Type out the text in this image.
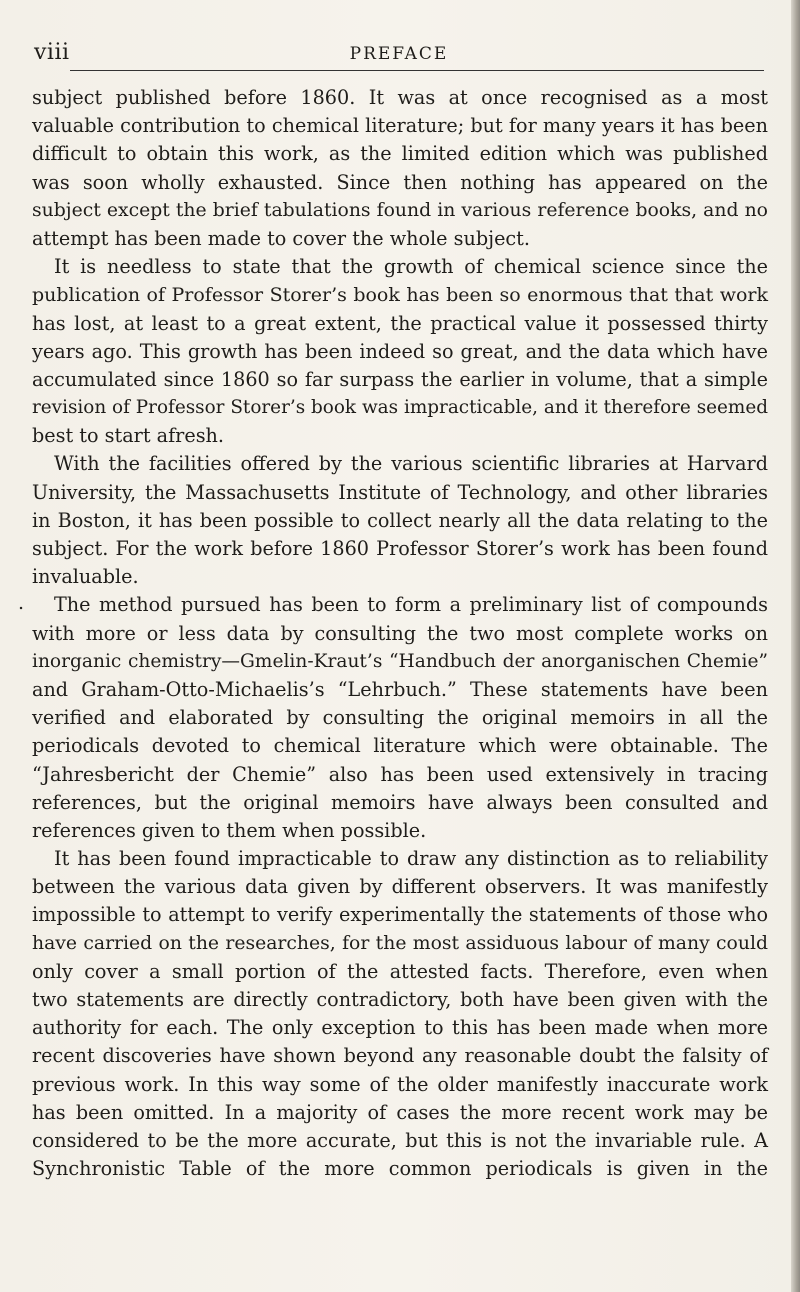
viii	PREFACE
.
subject published before 1860. It was at once recognised as a most
valuable contribution to chemical literature; but for many years it has been
difficult to obtain this work, as the limited edition which was published
was soon wholly exhausted. Since then nothing has appeared on the
subject except the brief tabulations found in various reference books, and no
attempt has been made to cover the whole subject.
It is needless to state that the growth of chemical science since the
publication of Professor Storer’s book has been so enormous that that work
has lost, at least to a great extent, the practical value it possessed thirty
years ago. This growth has been indeed so great, and the data which have
accumulated since 1860 so far surpass the earlier in volume, that a simple
revision of Professor Storer’s book was impracticable, and it therefore seemed
best to start afresh.
With the facilities offered by the various scientific libraries at Harvard
University, the Massachusetts Institute of Technology, and other libraries
in Boston, it has been possible to collect nearly all the data relating to the
subject. For the work before 1860 Professor Storer’s work has been found
invaluable.
The method pursued has been to form a preliminary list of compounds
with more or less data by consulting the two most complete works on
inorganic chemistry—Gmelin-Kraut’s “Handbuch der anorganischen Chemie”
and Graham-Otto-Michaelis’s “Lehrbuch.” These statements have been
verified and elaborated by consulting the original memoirs in all the
periodicals devoted to chemical literature which were obtainable. The
“Jahresbericht der Chemie” also has been used extensively in tracing
references, but the original memoirs have always been consulted and
references given to them when possible.
It has been found impracticable to draw any distinction as to reliability
between the various data given by different observers. It was manifestly
impossible to attempt to verify experimentally the statements of those who
have carried on the researches, for the most assiduous labour of many could
only cover a small portion of the attested facts. Therefore, even when
two statements are directly contradictory, both have been given with the
authority for each. The only exception to this has been made when more
recent discoveries have shown beyond any reasonable doubt the falsity of
previous work. In this way some of the older manifestly inaccurate work
has been omitted. In a majority of cases the more recent work may be
considered to be the more accurate, but this is not the invariable rule. A
Synchronistic Table of the more common periodicals is given in the
